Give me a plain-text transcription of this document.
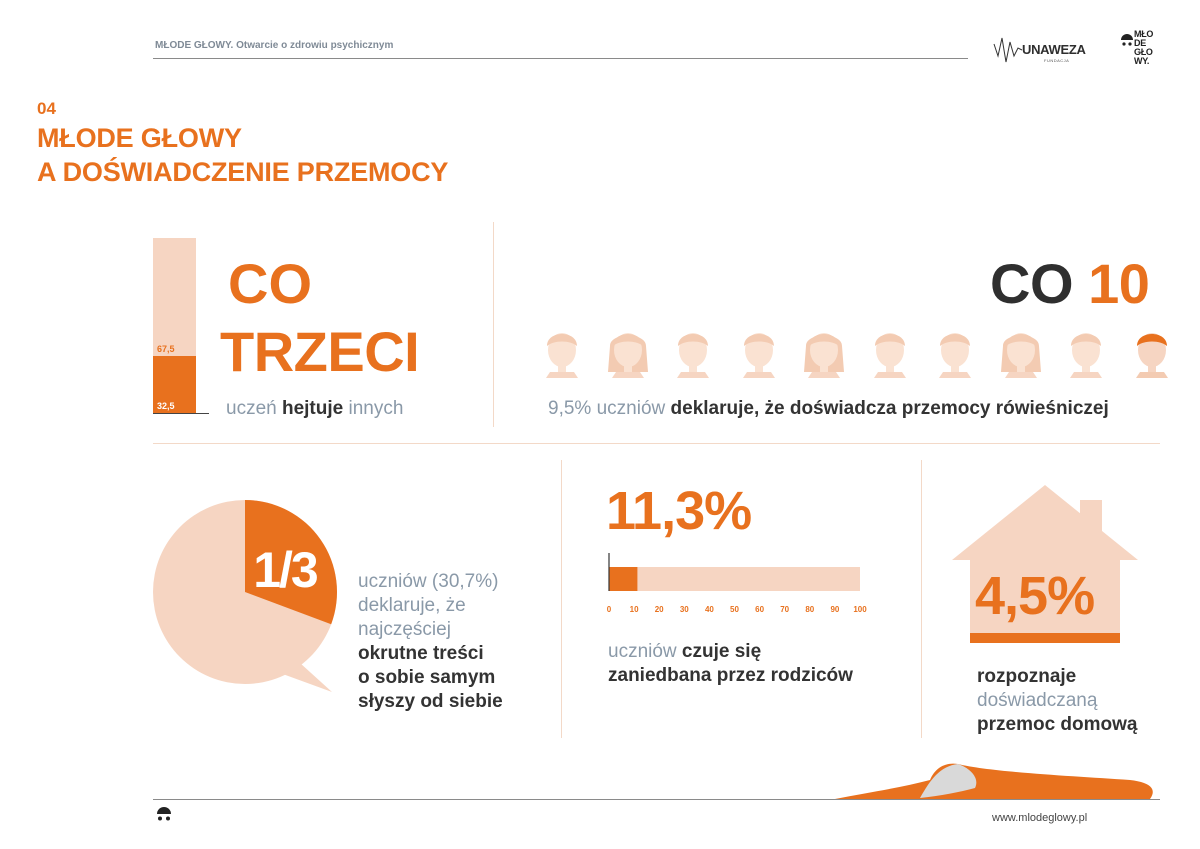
MŁODE GŁOWY. Otwarcie o zdrowiu psychicznym	UNAWEZA
FUNDACJA
MŁO
DE
GŁO
WY.
04
MŁODE GŁOWY
A DOŚWIADCZENIE PRZEMOCY
67,5
32,5
CO
TRZECI
uczeń hejtuje innych
CO 10
9,5% uczniów deklaruje, że doświadcza przemocy rówieśniczej
1/3 uczniów (30,7%)
deklaruje, że
najczęściej
okrutne treści
o sobie samym
słyszy od siebie
11,3%
0 10 20 30 40 50 60 70 80 90 100
uczniów czuje się
zaniedbana przez rodziców
4,5%
rozpoznaje
doświadczaną
przemoc domową
www.mlodeglowy.pl
